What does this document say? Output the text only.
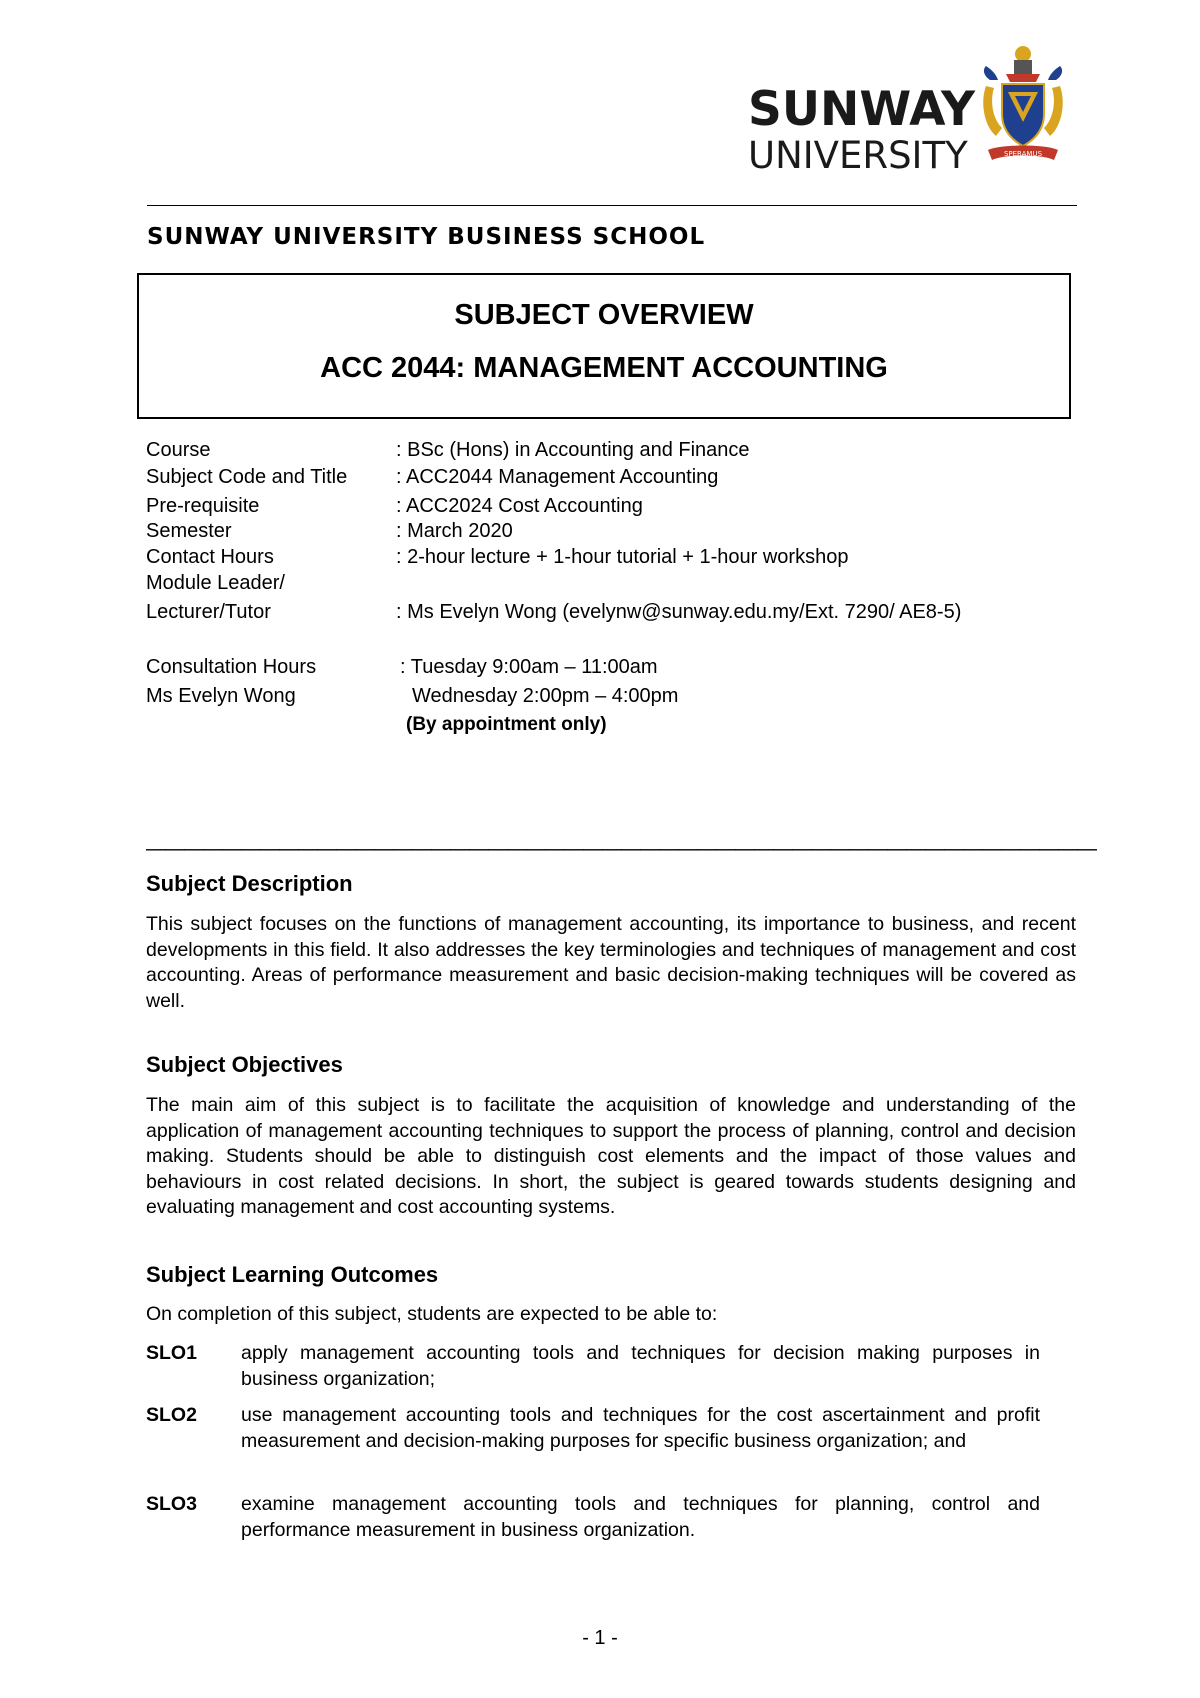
SUNWAY
UNIVERSITY	SPERAMUS
SUNWAY UNIVERSITY BUSINESS SCHOOL
SUBJECT OVERVIEW
ACC 2044: MANAGEMENT ACCOUNTING
Course	: BSc (Hons) in Accounting and Finance
Subject Code and Title : ACC2044 Management Accounting
Pre-requisite	: ACC2024 Cost Accounting
Semester	: March 2020
Contact Hours	: 2-hour lecture + 1-hour tutorial + 1-hour workshop
Module Leader/
Lecturer/Tutor	: Ms Evelyn Wong (evelynw@sunway.edu.my/Ext. 7290/ AE8-5)
Consultation Hours	: Tuesday 9:00am – 11:00am
Ms Evelyn Wong	Wednesday 2:00pm – 4:00pm
(By appointment only)
——————————————————————————————————————————————————
Subject Description
This subject focuses on the functions of management accounting, its importance to business, and recent developments in this field. It also addresses the key terminologies and techniques of management and cost accounting. Areas of performance measurement and basic decision-making techniques will be covered as well.
Subject Objectives
The main aim of this subject is to facilitate the acquisition of knowledge and understanding of the application of management accounting techniques to support the process of planning, control and decision making. Students should be able to distinguish cost elements and the impact of those values and behaviours in cost related decisions. In short, the subject is geared towards students designing and evaluating management and cost accounting systems.
Subject Learning Outcomes
On completion of this subject, students are expected to be able to:
SLO1 apply management accounting tools and techniques for decision making purposes in business organization;
SLO2 use management accounting tools and techniques for the cost ascertainment and profit measurement and decision-making purposes for specific business organization; and
SLO3 examine management accounting tools and techniques for planning, control and performance measurement in business organization.
- 1 -
